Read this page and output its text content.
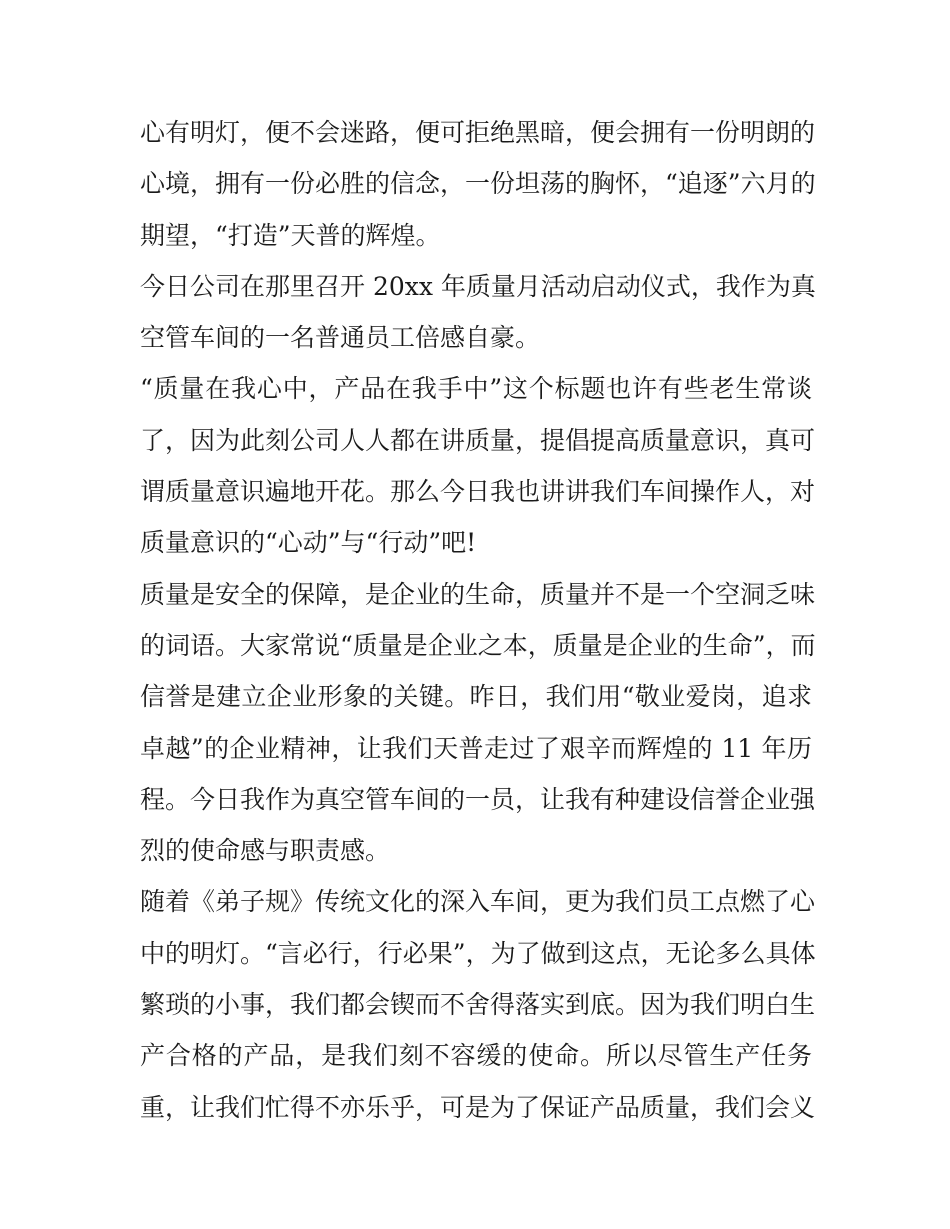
心有明灯，便不会迷路，便可拒绝黑暗，便会拥有一份明朗的
心境，拥有一份必胜的信念，一份坦荡的胸怀，“追逐”六月的
期望，“打造”天普的辉煌。
今日公司在那里召开 20xx 年质量月活动启动仪式，我作为真
空管车间的一名普通员工倍感自豪。
“质量在我心中，产品在我手中”这个标题也许有些老生常谈
了，因为此刻公司人人都在讲质量，提倡提高质量意识，真可
谓质量意识遍地开花。那么今日我也讲讲我们车间操作人，对
质量意识的“心动”与“行动”吧!
质量是安全的保障，是企业的生命，质量并不是一个空洞乏味
的词语。大家常说“质量是企业之本，质量是企业的生命”，而
信誉是建立企业形象的关键。昨日，我们用“敬业爱岗，追求
卓越”的企业精神，让我们天普走过了艰辛而辉煌的 11 年历
程。今日我作为真空管车间的一员，让我有种建设信誉企业强
烈的使命感与职责感。
随着《弟子规》传统文化的深入车间，更为我们员工点燃了心
中的明灯。“言必行，行必果”，为了做到这点，无论多么具体
繁琐的小事，我们都会锲而不舍得落实到底。因为我们明白生
产合格的产品，是我们刻不容缓的使命。所以尽管生产任务
重，让我们忙得不亦乐乎，可是为了保证产品质量，我们会义
